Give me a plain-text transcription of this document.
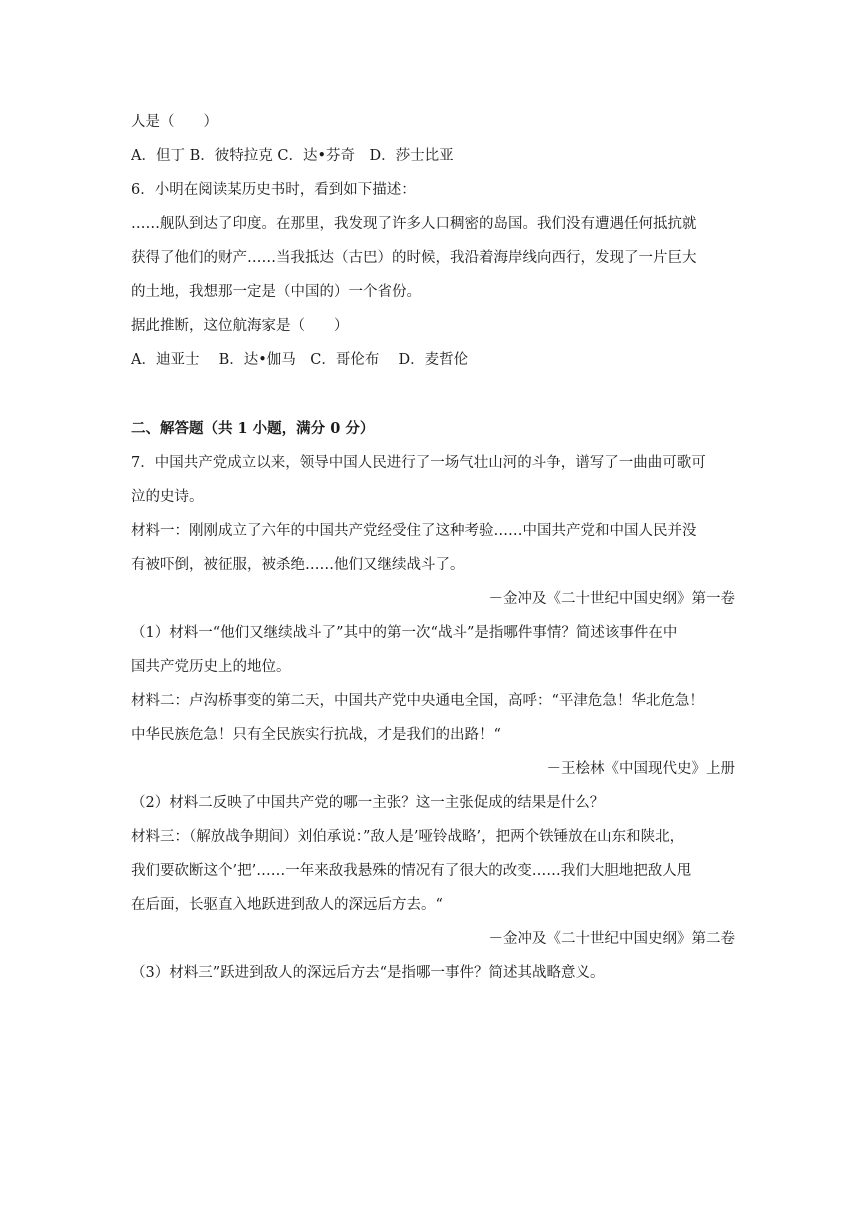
人是（　　）
A．但丁 B．彼特拉克 C．达•芬奇　D．莎士比亚
6．小明在阅读某历史书时，看到如下描述：
……舰队到达了印度。在那里，我发现了许多人口稠密的岛国。我们没有遭遇任何抵抗就
获得了他们的财产……当我抵达（古巴）的时候，我沿着海岸线向西行，发现了一片巨大
的土地，我想那一定是（中国的）一个省份。
据此推断，这位航海家是（　　）
A．迪亚士　 B．达•伽马　C．哥伦布　 D．麦哲伦
二、解答题（共 1 小题，满分 0 分）
7．中国共产党成立以来，领导中国人民进行了一场气壮山河的斗争，谱写了一曲曲可歌可
泣的史诗。
材料一：刚刚成立了六年的中国共产党经受住了这种考验……中国共产党和中国人民并没
有被吓倒，被征服，被杀绝……他们又继续战斗了。
－金冲及《二十世纪中国史纲》第一卷
（1）材料一“他们又继续战斗了”其中的第一次“战斗”是指哪件事情？简述该事件在中
国共产党历史上的地位。
材料二：卢沟桥事变的第二天，中国共产党中央通电全国，高呼：“平津危急！华北危急！
中华民族危急！只有全民族实行抗战，才是我们的出路！“
－王桧林《中国现代史》上册
（2）材料二反映了中国共产党的哪一主张？这一主张促成的结果是什么？
材料三：（解放战争期间）刘伯承说：”敌人是’哑铃战略’，把两个铁锤放在山东和陕北，
我们要砍断这个’把’……一年来敌我悬殊的情况有了很大的改变……我们大胆地把敌人甩
在后面，长驱直入地跃进到敌人的深远后方去。“
－金冲及《二十世纪中国史纲》第二卷
（3）材料三”跃进到敌人的深远后方去“是指哪一事件？简述其战略意义。
